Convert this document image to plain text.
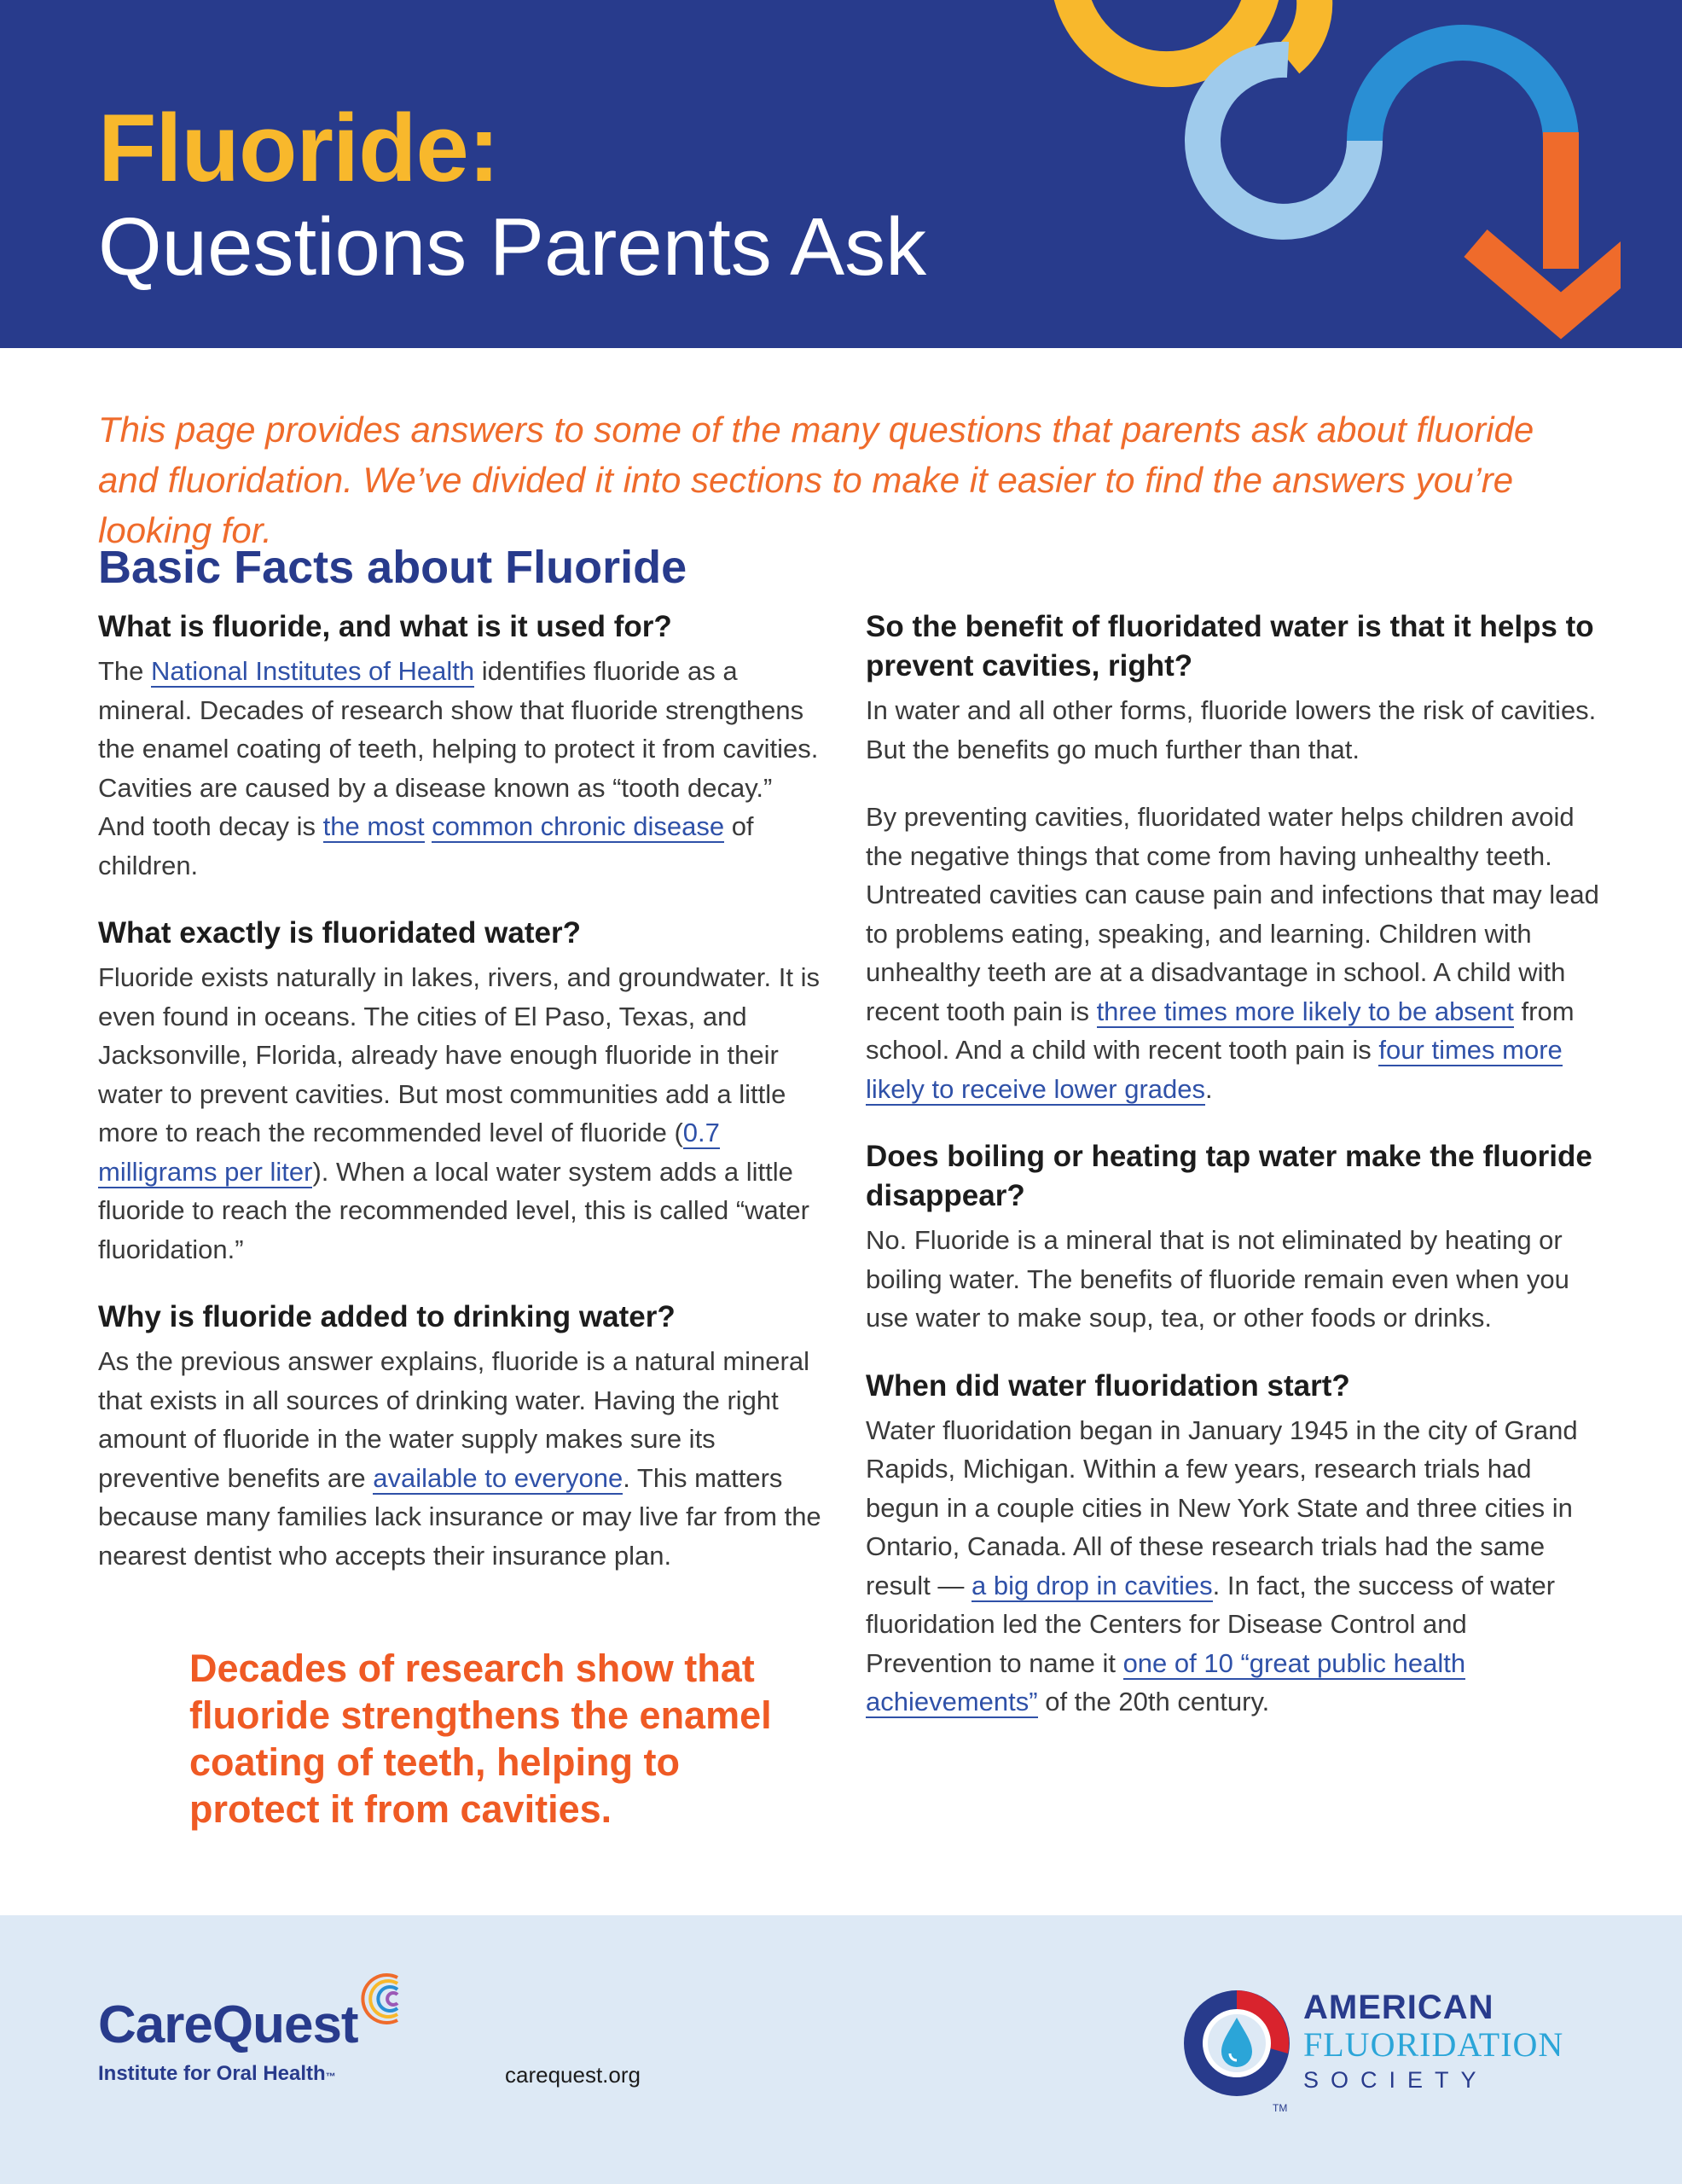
Fluoride:
Questions Parents Ask
This page provides answers to some of the many questions that parents ask about fluoride and fluoridation. We’ve divided it into sections to make it easier to find the answers you’re looking for.
Basic Facts about Fluoride
What is fluoride, and what is it used for?
The National Institutes of Health identifies fluoride as a mineral. Decades of research show that fluoride strengthens the enamel coating of teeth, helping to protect it from cavities. Cavities are caused by a disease known as “tooth decay.” And tooth decay is the most common chronic disease of children.
What exactly is fluoridated water?
Fluoride exists naturally in lakes, rivers, and groundwater. It is even found in oceans. The cities of El Paso, Texas, and Jacksonville, Florida, already have enough fluoride in their water to prevent cavities. But most communities add a little more to reach the recommended level of fluoride (0.7 milligrams per liter). When a local water system adds a little fluoride to reach the recommended level, this is called “water fluoridation.”
Why is fluoride added to drinking water?
As the previous answer explains, fluoride is a natural mineral that exists in all sources of drinking water. Having the right amount of fluoride in the water supply makes sure its preventive benefits are available to everyone. This matters because many families lack insurance or may live far from the nearest dentist who accepts their insurance plan.
So the benefit of fluoridated water is that it helps to prevent cavities, right?
In water and all other forms, fluoride lowers the risk of cavities. But the benefits go much further than that.
By preventing cavities, fluoridated water helps children avoid the negative things that come from having unhealthy teeth. Untreated cavities can cause pain and infections that may lead to problems eating, speaking, and learning. Children with unhealthy teeth are at a disadvantage in school. A child with recent tooth pain is three times more likely to be absent from school. And a child with recent tooth pain is four times more likely to receive lower grades.
Does boiling or heating tap water make the fluoride disappear?
No. Fluoride is a mineral that is not eliminated by heating or boiling water. The benefits of fluoride remain even when you use water to make soup, tea, or other foods or drinks.
When did water fluoridation start?
Water fluoridation began in January 1945 in the city of Grand Rapids, Michigan. Within a few years, research trials had begun in a couple cities in New York State and three cities in Ontario, Canada. All of these research trials had the same result — a big drop in cavities. In fact, the success of water fluoridation led the Centers for Disease Control and Prevention to name it one of 10 “great public health achievements” of the 20th century.
Decades of research show that fluoride strengthens the enamel coating of teeth, helping to protect it from cavities.
CareQuest
Institute for Oral Health™	carequest.org
AMERICAN
FLUORIDATION
SOCIETY
TM
